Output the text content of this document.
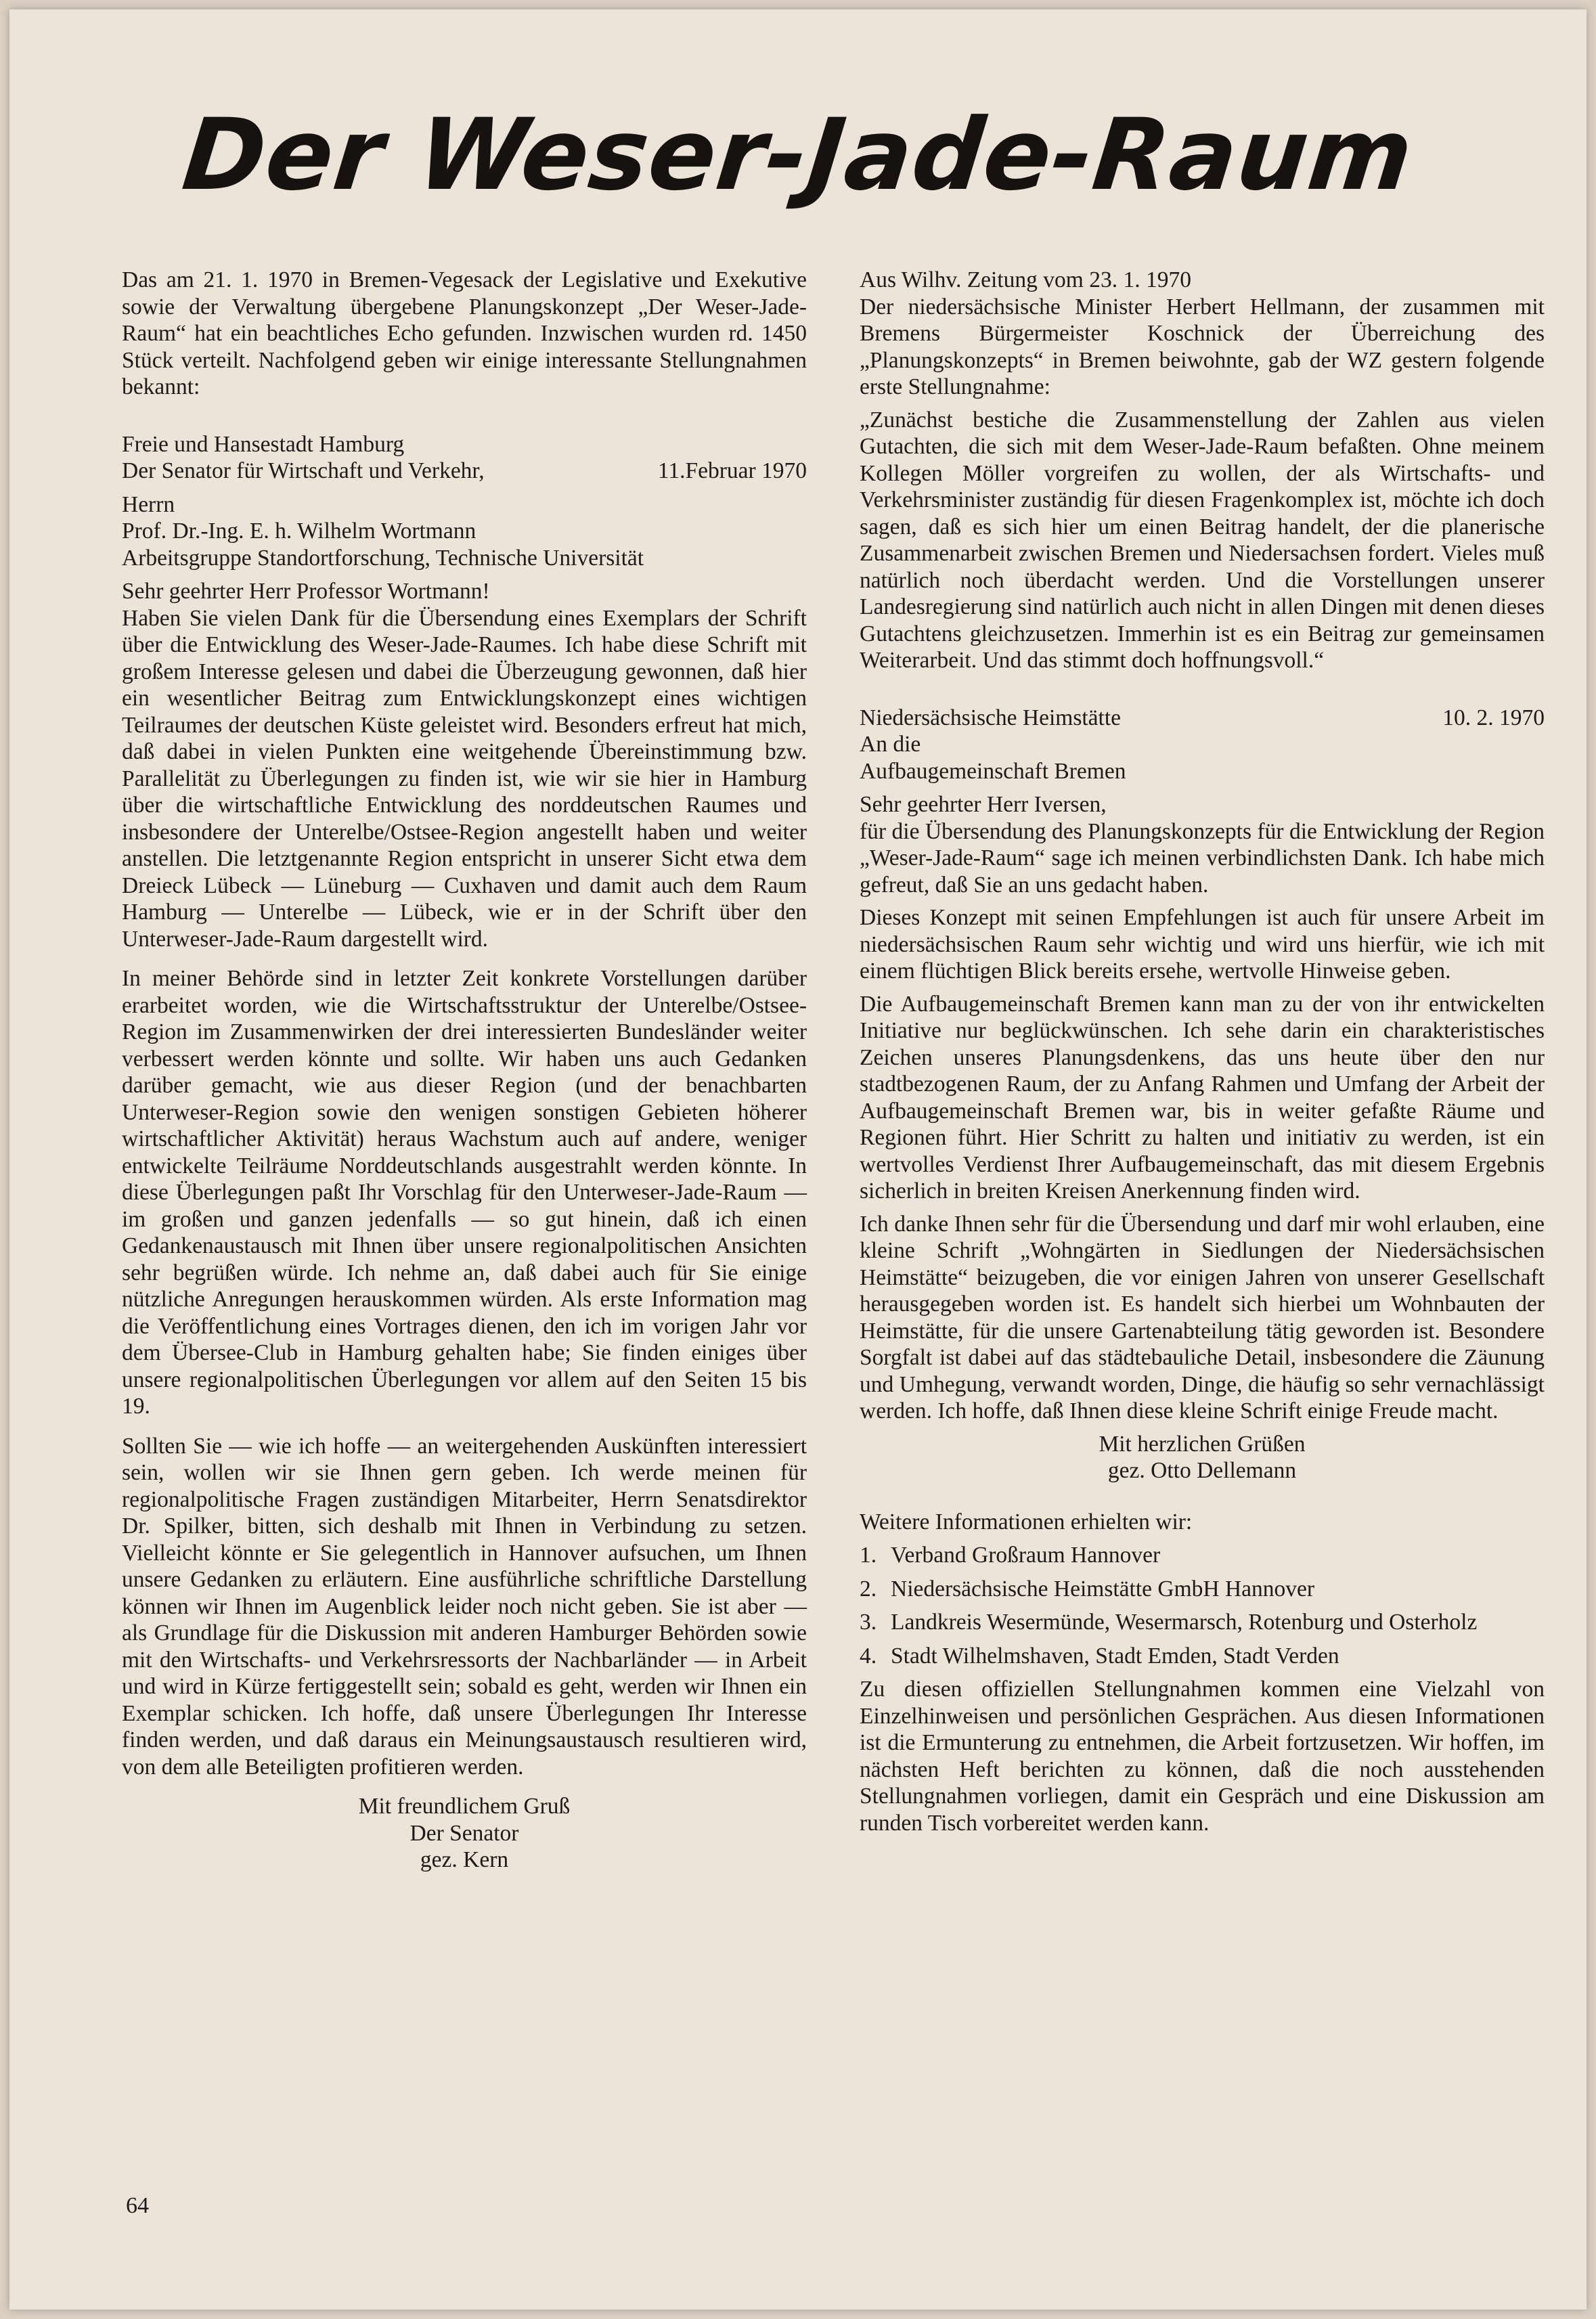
Der Weser-Jade-Raum

Das am 21. 1. 1970 in Bremen-Vegesack der Legislative und Exekutive sowie der Verwaltung übergebene Planungskonzept „Der Weser-Jade-Raum“ hat ein beachtliches Echo gefunden. Inzwischen wurden rd. 1450 Stück verteilt. Nachfolgend geben wir einige interessante Stellungnahmen bekannt:

Freie und Hansestadt Hamburg

Der Senator für Wirtschaft und Verkehr,	11.Februar 1970

Herrn

Prof. Dr.-Ing. E. h. Wilhelm Wortmann

Arbeitsgruppe Standortforschung, Technische Universität

Sehr geehrter Herr Professor Wortmann!

Haben Sie vielen Dank für die Übersendung eines Exemplars der Schrift über die Entwicklung des Weser-Jade-Raumes. Ich habe diese Schrift mit großem Interesse gelesen und dabei die Überzeugung gewonnen, daß hier ein wesentlicher Beitrag zum Entwicklungskonzept eines wichtigen Teilraumes der deutschen Küste geleistet wird. Besonders erfreut hat mich, daß dabei in vielen Punkten eine weitgehende Übereinstimmung bzw. Parallelität zu Überlegungen zu finden ist, wie wir sie hier in Hamburg über die wirtschaftliche Entwicklung des norddeutschen Raumes und insbesondere der Unterelbe/Ostsee-Region angestellt haben und weiter anstellen. Die letztgenannte Region entspricht in unserer Sicht etwa dem Dreieck Lübeck — Lüneburg — Cuxhaven und damit auch dem Raum Hamburg — Unterelbe — Lübeck, wie er in der Schrift über den Unterweser-Jade-Raum dargestellt wird.

In meiner Behörde sind in letzter Zeit konkrete Vorstellungen darüber erarbeitet worden, wie die Wirtschaftsstruktur der Unterelbe/Ostsee-Region im Zusammenwirken der drei interessierten Bundesländer weiter verbessert werden könnte und sollte. Wir haben uns auch Gedanken darüber gemacht, wie aus dieser Region (und der benachbarten Unterweser-Region sowie den wenigen sonstigen Gebieten höherer wirtschaftlicher Aktivität) heraus Wachstum auch auf andere, weniger entwickelte Teilräume Norddeutschlands ausgestrahlt werden könnte. In diese Überlegungen paßt Ihr Vorschlag für den Unterweser-Jade-Raum — im großen und ganzen jedenfalls — so gut hinein, daß ich einen Gedankenaustausch mit Ihnen über unsere regionalpolitischen Ansichten sehr begrüßen würde. Ich nehme an, daß dabei auch für Sie einige nützliche Anregungen herauskommen würden. Als erste Information mag die Veröffentlichung eines Vortrages dienen, den ich im vorigen Jahr vor dem Übersee-Club in Hamburg gehalten habe; Sie finden einiges über unsere regionalpolitischen Überlegungen vor allem auf den Seiten 15 bis 19.

Sollten Sie — wie ich hoffe — an weitergehenden Auskünften interessiert sein, wollen wir sie Ihnen gern geben. Ich werde meinen für regionalpolitische Fragen zuständigen Mitarbeiter, Herrn Senatsdirektor Dr. Spilker, bitten, sich deshalb mit Ihnen in Verbindung zu setzen. Vielleicht könnte er Sie gelegentlich in Hannover aufsuchen, um Ihnen unsere Gedanken zu erläutern. Eine ausführliche schriftliche Darstellung können wir Ihnen im Augenblick leider noch nicht geben. Sie ist aber — als Grundlage für die Diskussion mit anderen Hamburger Behörden sowie mit den Wirtschafts- und Verkehrsressorts der Nachbarländer — in Arbeit und wird in Kürze fertiggestellt sein; sobald es geht, werden wir Ihnen ein Exemplar schicken. Ich hoffe, daß unsere Überlegungen Ihr Interesse finden werden, und daß daraus ein Meinungsaustausch resultieren wird, von dem alle Beteiligten profitieren werden.

Mit freundlichem Gruß

Der Senator

gez. Kern

Aus Wilhv. Zeitung vom 23. 1. 1970

Der niedersächsische Minister Herbert Hellmann, der zusammen mit Bremens Bürgermeister Koschnick der Überreichung des „Planungskonzepts“ in Bremen beiwohnte, gab der WZ gestern folgende erste Stellungnahme:

„Zunächst bestiche die Zusammenstellung der Zahlen aus vielen Gutachten, die sich mit dem Weser-Jade-Raum befaßten. Ohne meinem Kollegen Möller vorgreifen zu wollen, der als Wirtschafts- und Verkehrsminister zuständig für diesen Fragenkomplex ist, möchte ich doch sagen, daß es sich hier um einen Beitrag handelt, der die planerische Zusammenarbeit zwischen Bremen und Niedersachsen fordert. Vieles muß natürlich noch überdacht werden. Und die Vorstellungen unserer Landesregierung sind natürlich auch nicht in allen Dingen mit denen dieses Gutachtens gleichzusetzen. Immerhin ist es ein Beitrag zur gemeinsamen Weiterarbeit. Und das stimmt doch hoffnungsvoll.“

Niedersächsische Heimstätte	10. 2. 1970

An die

Aufbaugemeinschaft Bremen

Sehr geehrter Herr Iversen,

für die Übersendung des Planungskonzepts für die Entwicklung der Region „Weser-Jade-Raum“ sage ich meinen verbindlichsten Dank. Ich habe mich gefreut, daß Sie an uns gedacht haben.

Dieses Konzept mit seinen Empfehlungen ist auch für unsere Arbeit im niedersächsischen Raum sehr wichtig und wird uns hierfür, wie ich mit einem flüchtigen Blick bereits ersehe, wertvolle Hinweise geben.

Die Aufbaugemeinschaft Bremen kann man zu der von ihr entwickelten Initiative nur beglückwünschen. Ich sehe darin ein charakteristisches Zeichen unseres Planungsdenkens, das uns heute über den nur stadtbezogenen Raum, der zu Anfang Rahmen und Umfang der Arbeit der Aufbaugemeinschaft Bremen war, bis in weiter gefaßte Räume und Regionen führt. Hier Schritt zu halten und initiativ zu werden, ist ein wertvolles Verdienst Ihrer Aufbaugemeinschaft, das mit diesem Ergebnis sicherlich in breiten Kreisen Anerkennung finden wird.

Ich danke Ihnen sehr für die Übersendung und darf mir wohl erlauben, eine kleine Schrift „Wohngärten in Siedlungen der Niedersächsischen Heimstätte“ beizugeben, die vor einigen Jahren von unserer Gesellschaft herausgegeben worden ist. Es handelt sich hierbei um Wohnbauten der Heimstätte, für die unsere Gartenabteilung tätig geworden ist. Besondere Sorgfalt ist dabei auf das städtebauliche Detail, insbesondere die Zäunung und Umhegung, verwandt worden, Dinge, die häufig so sehr vernachlässigt werden. Ich hoffe, daß Ihnen diese kleine Schrift einige Freude macht.

Mit herzlichen Grüßen

gez. Otto Dellemann

Weitere Informationen erhielten wir:

1. Verband Großraum Hannover
2. Niedersächsische Heimstätte GmbH Hannover
3. Landkreis Wesermünde, Wesermarsch, Rotenburg und Osterholz
4. Stadt Wilhelmshaven, Stadt Emden, Stadt Verden

Zu diesen offiziellen Stellungnahmen kommen eine Vielzahl von Einzelhinweisen und persönlichen Gesprächen. Aus diesen Informationen ist die Ermunterung zu entnehmen, die Arbeit fortzusetzen. Wir hoffen, im nächsten Heft berichten zu können, daß die noch ausstehenden Stellungnahmen vorliegen, damit ein Gespräch und eine Diskussion am runden Tisch vorbereitet werden kann.

64
